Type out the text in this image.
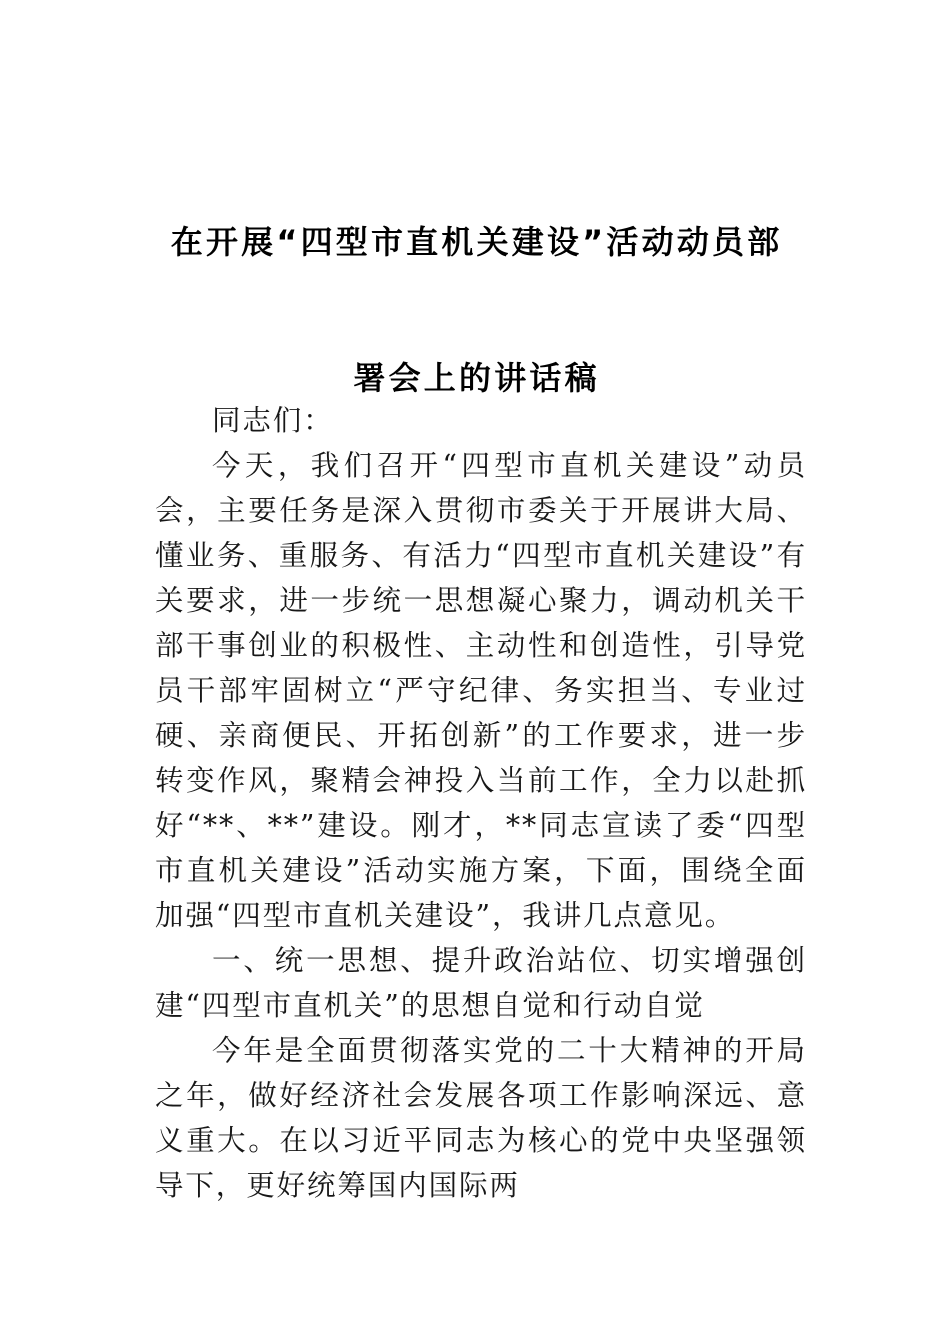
在开展“四型市直机关建设”活动动员部

署会上的讲话稿

同志们：

今天，我们召开“四型市直机关建设”动员会，主要任务是深入贯彻市委关于开展讲大局、懂业务、重服务、有活力“四型市直机关建设”有关要求，进一步统一思想凝心聚力，调动机关干部干事创业的积极性、主动性和创造性，引导党员干部牢固树立“严守纪律、务实担当、专业过硬、亲商便民、开拓创新”的工作要求，进一步转变作风，聚精会神投入当前工作，全力以赴抓好“**、**”建设。刚才，**同志宣读了委“四型市直机关建设”活动实施方案，下面，围绕全面加强“四型市直机关建设”，我讲几点意见。

一、统一思想、提升政治站位、切实增强创建“四型市直机关”的思想自觉和行动自觉

今年是全面贯彻落实党的二十大精神的开局之年，做好经济社会发展各项工作影响深远、意义重大。在以习近平同志为核心的党中央坚强领导下，更好统筹国内国际两
